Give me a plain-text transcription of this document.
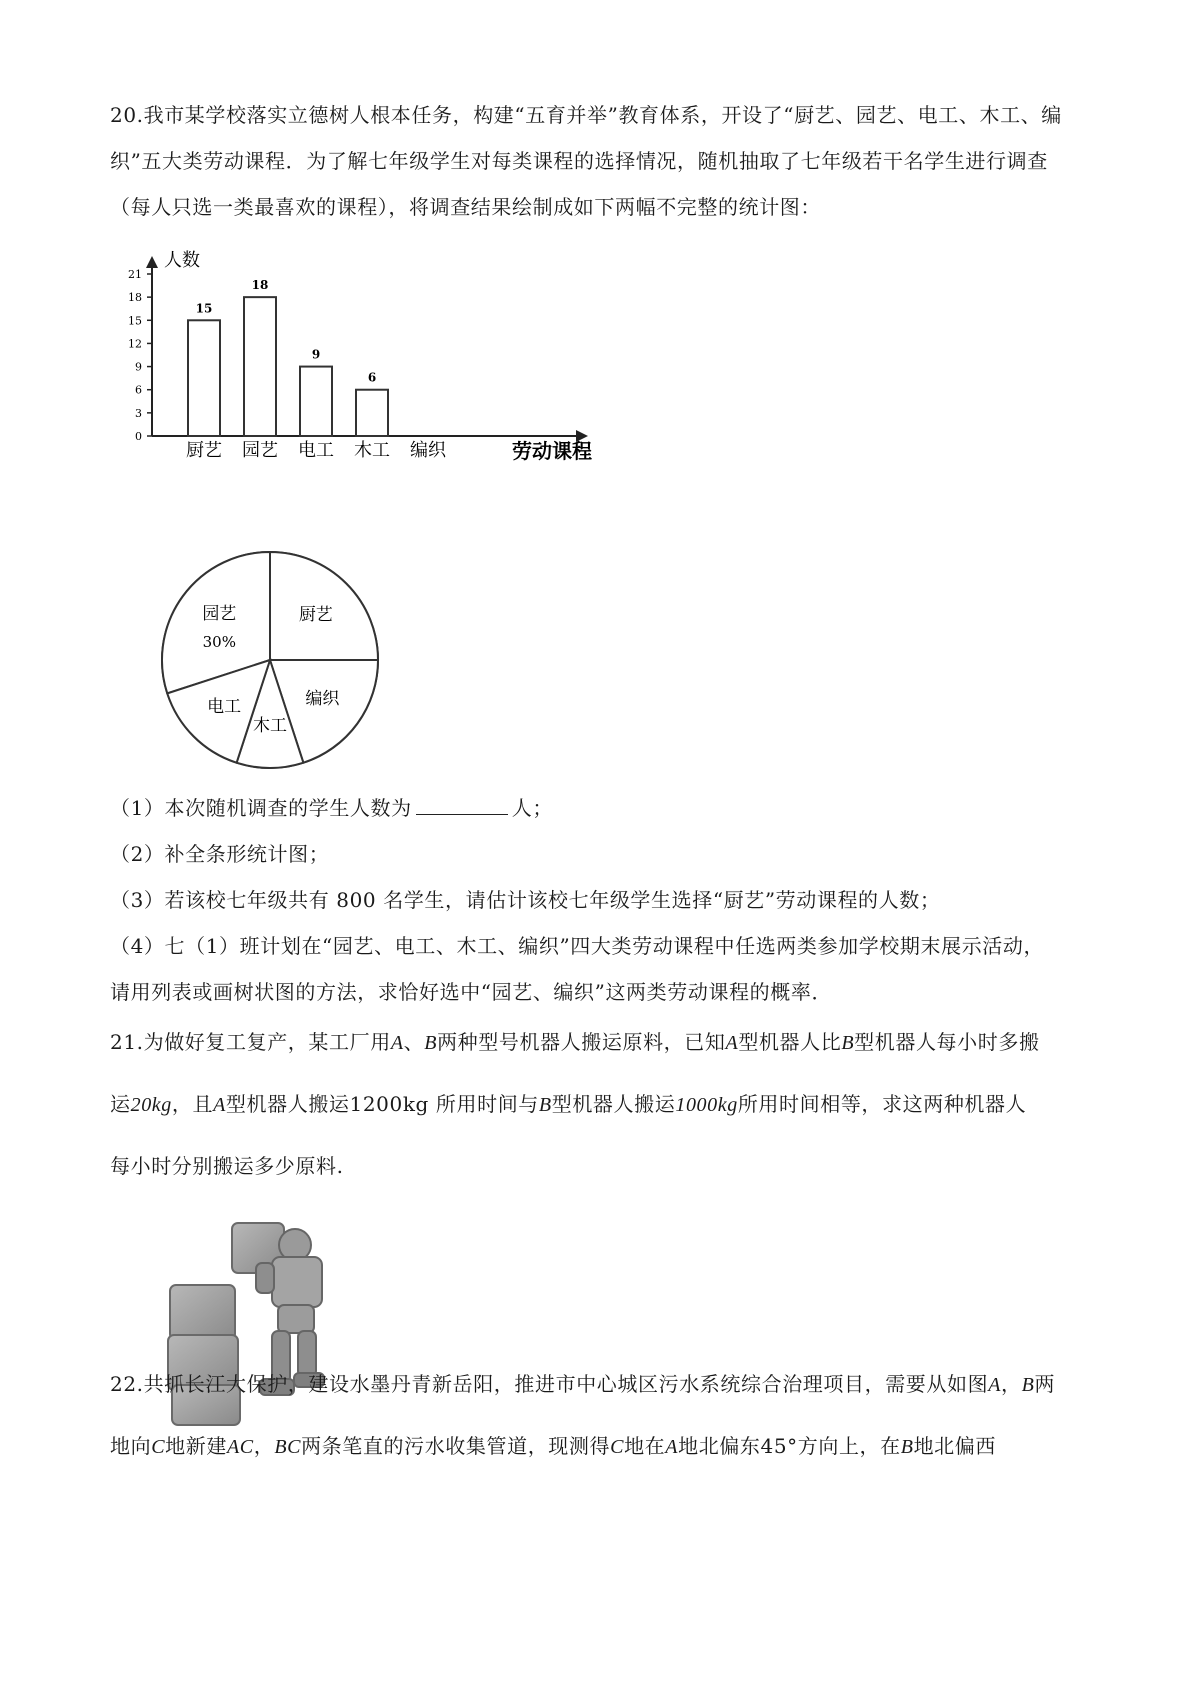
20.我市某学校落实立德树人根本任务，构建“五育并举”教育体系，开设了“厨艺、园艺、电工、木工、编
织”五大类劳动课程．为了解七年级学生对每类课程的选择情况，随机抽取了七年级若干名学生进行调查
（每人只选一类最喜欢的课程），将调查结果绘制成如下两幅不完整的统计图：
人数
劳动课程
0
3
6
9
12
15
18
21
15
厨艺
18
园艺
9
电工
6
木工 编织
园艺
30%
厨艺
编织
木工
电工
（1）本次随机调查的学生人数为	人；
（2）补全条形统计图；
（3）若该校七年级共有 800 名学生，请估计该校七年级学生选择“厨艺”劳动课程的人数；
（4）七（1）班计划在“园艺、电工、木工、编织”四大类劳动课程中任选两类参加学校期末展示活动，
请用列表或画树状图的方法，求恰好选中“园艺、编织”这两类劳动课程的概率．
21.为做好复工复产，某工厂用A、B两种型号机器人搬运原料，已知A型机器人比B型机器人每小时多搬
运20kg，且A型机器人搬运1200kg 所用时间与B型机器人搬运1000kg所用时间相等，求这两种机器人
每小时分别搬运多少原料.
22.共抓长江大保护，建设水墨丹青新岳阳，推进市中心城区污水系统综合治理项目，需要从如图A，B两
地向C地新建AC，BC两条笔直的污水收集管道，现测得C地在A地北偏东45°方向上，在B地北偏西
